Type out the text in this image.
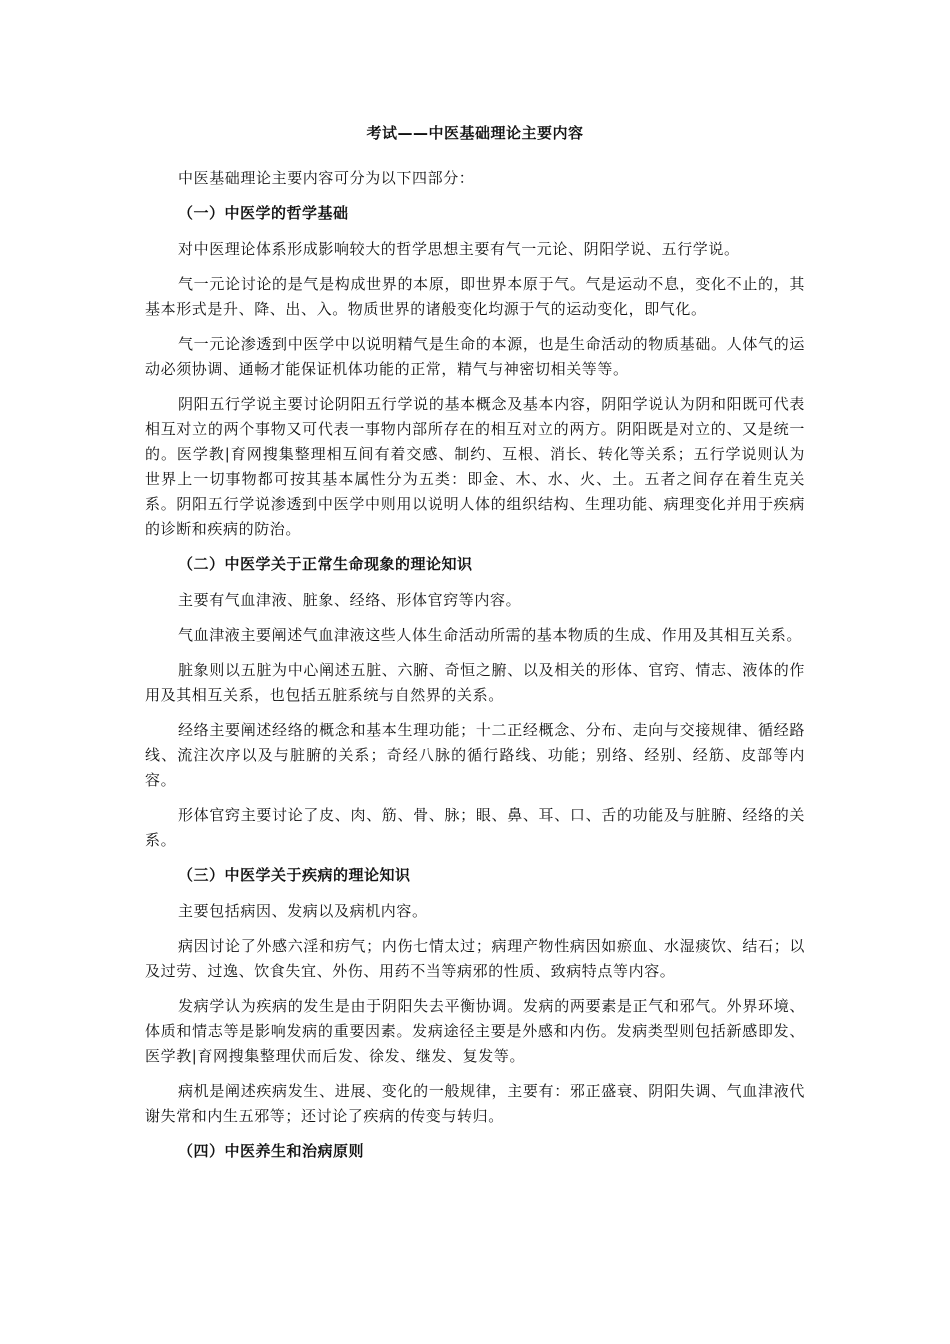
考试——中医基础理论主要内容

中医基础理论主要内容可分为以下四部分：

（一）中医学的哲学基础

对中医理论体系形成影响较大的哲学思想主要有气一元论、阴阳学说、五行学说。

气一元论讨论的是气是构成世界的本原，即世界本原于气。气是运动不息，变化不止的，其基本形式是升、降、出、入。物质世界的诸般变化均源于气的运动变化，即气化。

气一元论渗透到中医学中以说明精气是生命的本源，也是生命活动的物质基础。人体气的运动必须协调、通畅才能保证机体功能的正常，精气与神密切相关等等。

阴阳五行学说主要讨论阴阳五行学说的基本概念及基本内容，阴阳学说认为阴和阳既可代表相互对立的两个事物又可代表一事物内部所存在的相互对立的两方。阴阳既是对立的、又是统一的。医学教|育网搜集整理相互间有着交感、制约、互根、消长、转化等关系；五行学说则认为世界上一切事物都可按其基本属性分为五类：即金、木、水、火、土。五者之间存在着生克关系。阴阳五行学说渗透到中医学中则用以说明人体的组织结构、生理功能、病理变化并用于疾病的诊断和疾病的防治。

（二）中医学关于正常生命现象的理论知识

主要有气血津液、脏象、经络、形体官窍等内容。

气血津液主要阐述气血津液这些人体生命活动所需的基本物质的生成、作用及其相互关系。

脏象则以五脏为中心阐述五脏、六腑、奇恒之腑、以及相关的形体、官窍、情志、液体的作用及其相互关系，也包括五脏系统与自然界的关系。

经络主要阐述经络的概念和基本生理功能；十二正经概念、分布、走向与交接规律、循经路线、流注次序以及与脏腑的关系；奇经八脉的循行路线、功能；别络、经别、经筋、皮部等内容。

形体官窍主要讨论了皮、肉、筋、骨、脉；眼、鼻、耳、口、舌的功能及与脏腑、经络的关系。

（三）中医学关于疾病的理论知识

主要包括病因、发病以及病机内容。

病因讨论了外感六淫和疠气；内伤七情太过；病理产物性病因如瘀血、水湿痰饮、结石；以及过劳、过逸、饮食失宜、外伤、用药不当等病邪的性质、致病特点等内容。

发病学认为疾病的发生是由于阴阳失去平衡协调。发病的两要素是正气和邪气。外界环境、体质和情志等是影响发病的重要因素。发病途径主要是外感和内伤。发病类型则包括新感即发、医学教|育网搜集整理伏而后发、徐发、继发、复发等。

病机是阐述疾病发生、进展、变化的一般规律，主要有：邪正盛衰、阴阳失调、气血津液代谢失常和内生五邪等；还讨论了疾病的传变与转归。

（四）中医养生和治病原则
